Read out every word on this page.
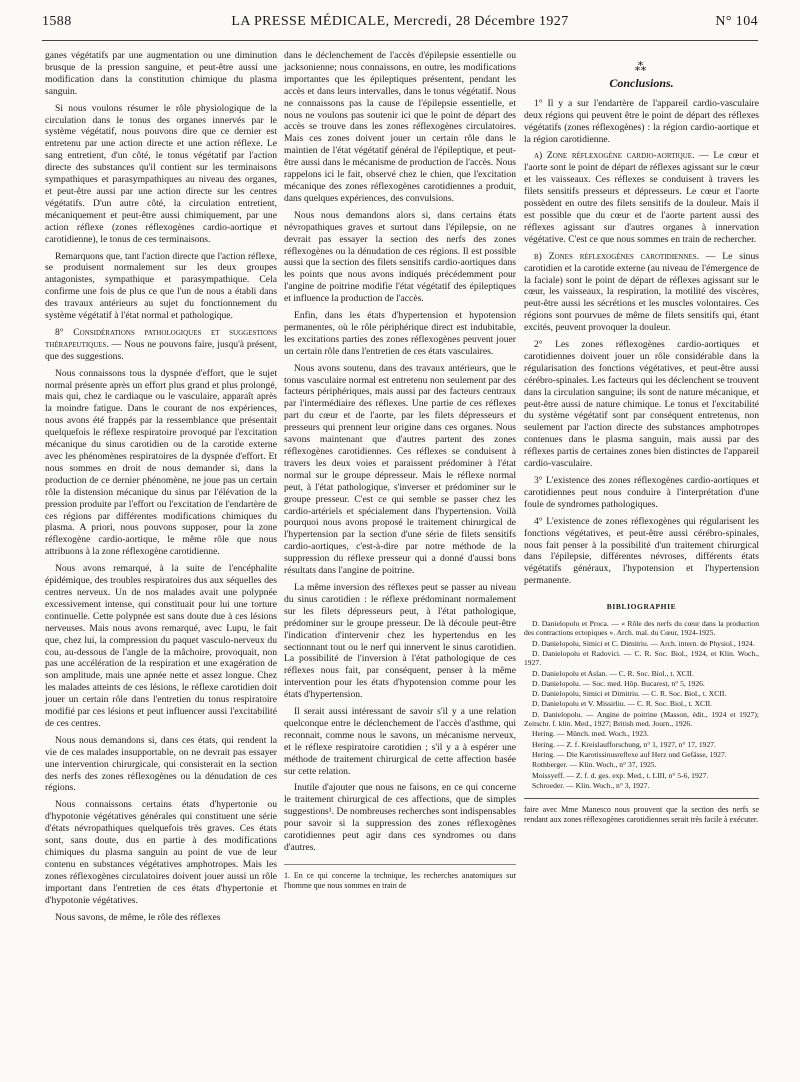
1588	LA PRESSE MÉDICALE, Mercredi, 28 Décembre 1927	N° 104

ganes végétatifs par une augmentation ou une diminution brusque de la pression sanguine, et peut-être aussi une modification dans la constitution chimique du plasma sanguin.

Si nous voulons résumer le rôle physiologique de la circulation dans le tonus des organes innervés par le système végétatif, nous pouvons dire que ce dernier est entretenu par une action directe et une action réflexe. Le sang entretient, d'un côté, le tonus végétatif par l'action directe des substances qu'il contient sur les terminaisons sympathiques et parasympathiques au niveau des organes, et peut-être aussi par une action directe sur les centres végétatifs. D'un autre côté, la circulation entretient, mécaniquement et peut-être aussi chimiquement, par une action réflexe (zones réflexogènes cardio-aortique et carotidienne), le tonus de ces terminaisons.

Remarquons que, tant l'action directe que l'action réflexe, se produisent normalement sur les deux groupes antagonistes, sympathique et parasympathique. Cela confirme une fois de plus ce que l'un de nous a établi dans des travaux antérieurs au sujet du fonctionnement du système végétatif à l'état normal et pathologique.

8° Considérations pathologiques et suggestions thérapeutiques. — Nous ne pouvons faire, jusqu'à présent, que des suggestions.

Nous connaissons tous la dyspnée d'effort, que le sujet normal présente après un effort plus grand et plus prolongé, mais qui, chez le cardiaque ou le vasculaire, apparaît après la moindre fatigue. Dans le courant de nos expériences, nous avons été frappés par la ressemblance que présentait quelquefois le réflexe respiratoire provoqué par l'excitation mécanique du sinus carotidien ou de la carotide externe avec les phénomènes respiratoires de la dyspnée d'effort. Et nous sommes en droit de nous demander si, dans la production de ce dernier phénomène, ne joue pas un certain rôle la distension mécanique du sinus par l'élévation de la pression produite par l'effort ou l'excitation de l'endartère de ces régions par différentes modifications chimiques du plasma. A priori, nous pouvons supposer, pour la zone réflexogène cardio-aortique, le même rôle que nous attribuons à la zone réflexogène carotidienne.

Nous avons remarqué, à la suite de l'encéphalite épidémique, des troubles respiratoires dus aux séquelles des centres nerveux. Un de nos malades avait une polypnée excessivement intense, qui constituait pour lui une torture continuelle. Cette polypnée est sans doute due à ces lésions nerveuses. Mais nous avons remarqué, avec Lupu, le fait que, chez lui, la compression du paquet vasculo-nerveux du cou, au-dessous de l'angle de la mâchoire, provoquait, non pas une accélération de la respiration et une exagération de son amplitude, mais une apnée nette et assez longue. Chez les malades atteints de ces lésions, le réflexe carotidien doit jouer un certain rôle dans l'entretien du tonus respiratoire modifié par ces lésions et peut influencer aussi l'excitabilité de ces centres.

Nous nous demandons si, dans ces états, qui rendent la vie de ces malades insupportable, on ne devrait pas essayer une intervention chirurgicale, qui consisterait en la section des nerfs des zones réflexogènes ou la dénudation de ces régions.

Nous connaissons certains états d'hypertonie ou d'hypotonie végétatives générales qui constituent une série d'états névropathiques quelquefois très graves. Ces états sont, sans doute, dus en partie à des modifications chimiques du plasma sanguin au point de vue de leur contenu en substances végétatives amphotropes. Mais les zones réflexogènes circulatoires doivent jouer aussi un rôle important dans l'entretien de ces états d'hypertonie et d'hypotonie végétatives.

Nous savons, de même, le rôle des réflexes

dans le déclenchement de l'accès d'épilepsie essentielle ou jacksonienne; nous connaissons, en outre, les modifications importantes que les épileptiques présentent, pendant les accès et dans leurs intervalles, dans le tonus végétatif. Nous ne connaissons pas la cause de l'épilepsie essentielle, et nous ne voulons pas soutenir ici que le point de départ des accès se trouve dans les zones réflexogènes circulatoires. Mais ces zones doivent jouer un certain rôle dans le maintien de l'état végétatif général de l'épileptique, et peut-être aussi dans le mécanisme de production de l'accès. Nous rappelons ici le fait, observé chez le chien, que l'excitation mécanique des zones réflexogènes carotidiennes a produit, dans quelques expériences, des convulsions.

Nous nous demandons alors si, dans certains états névropathiques graves et surtout dans l'épilepsie, on ne devrait pas essayer la section des nerfs des zones réflexogènes ou la dénudation de ces régions. Il est possible aussi que la section des filets sensitifs cardio-aortiques dans les points que nous avons indiqués précédemment pour l'angine de poitrine modifie l'état végétatif des épileptiques et influence la production de l'accès.

Enfin, dans les états d'hypertension et hypotension permanentes, où le rôle périphérique direct est indubitable, les excitations parties des zones réflexogènes peuvent jouer un certain rôle dans l'entretien de ces états vasculaires.

Nous avons soutenu, dans des travaux antérieurs, que le tonus vasculaire normal est entretenu non seulement par des facteurs périphériques, mais aussi par des facteurs centraux par l'intermédiaire des réflexes. Une partie de ces réflexes part du cœur et de l'aorte, par les filets dépresseurs et presseurs qui prennent leur origine dans ces organes. Nous savons maintenant que d'autres partent des zones réflexogènes carotidiennes. Ces réflexes se conduisent à travers les deux voies et paraissent prédominer à l'état normal sur le groupe dépresseur. Mais le réflexe normal peut, à l'état pathologique, s'inverser et prédominer sur le groupe presseur. C'est ce qui semble se passer chez les cardio-artériels et spécialement dans l'hypertension. Voilà pourquoi nous avons proposé le traitement chirurgical de l'hypertension par la section d'une série de filets sensitifs cardio-aortiques, c'est-à-dire par notre méthode de la suppression du réflexe presseur qui a donné d'aussi bons résultats dans l'angine de poitrine.

La même inversion des réflexes peut se passer au niveau du sinus carotidien : le réflexe prédominant normalement sur les filets dépresseurs peut, à l'état pathologique, prédominer sur le groupe presseur. De là découle peut-être l'indication d'intervenir chez les hypertendus en les sectionnant tout ou le nerf qui innervent le sinus carotidien. La possibilité de l'inversion à l'état pathologique de ces réflexes nous fait, par conséquent, penser à la même intervention pour les états d'hypotension comme pour les états d'hypertension.

Il serait aussi intéressant de savoir s'il y a une relation quelconque entre le déclenchement de l'accès d'asthme, qui reconnait, comme nous le savons, un mécanisme nerveux, et le réflexe respiratoire carotidien ; s'il y a à espérer une méthode de traitement chirurgical de cette affection basée sur cette relation.

Inutile d'ajouter que nous ne faisons, en ce qui concerne le traitement chirurgical de ces affections, que de simples suggestions¹. De nombreuses recherches sont indispensables pour savoir si la suppression des zones réflexogènes carotidiennes peut agir dans ces syndromes ou dans d'autres.

1. En ce qui concerne la technique, les recherches anatomiques sur l'homme que nous sommes en train de
⁂
Conclusions.

1° Il y a sur l'endartère de l'appareil cardio-vasculaire deux régions qui peuvent être le point de départ des réflexes végétatifs (zones réflexogènes) : la région cardio-aortique et la région carotidienne.

a) Zone réflexogène cardio-aortique. — Le cœur et l'aorte sont le point de départ de réflexes agissant sur le cœur et les vaisseaux. Ces réflexes se conduisent à travers les filets sensitifs presseurs et dépresseurs. Le cœur et l'aorte possèdent en outre des filets sensitifs de la douleur. Mais il est possible que du cœur et de l'aorte partent aussi des réflexes agissant sur d'autres organes à innervation végétative. C'est ce que nous sommes en train de rechercher.

b) Zones réflexogènes carotidiennes. — Le sinus carotidien et la carotide externe (au niveau de l'émergence de la faciale) sont le point de départ de réflexes agissant sur le cœur, les vaisseaux, la respiration, la motilité des viscères, peut-être aussi les sécrétions et les muscles volontaires. Ces régions sont pourvues de même de filets sensitifs qui, étant excités, peuvent provoquer la douleur.

2° Les zones réflexogènes cardio-aortiques et carotidiennes doivent jouer un rôle considérable dans la régularisation des fonctions végétatives, et peut-être aussi cérébro-spinales. Les facteurs qui les déclenchent se trouvent dans la circulation sanguine; ils sont de nature mécanique, et peut-être aussi de nature chimique. Le tonus et l'excitabilité du système végétatif sont par conséquent entretenus, non seulement par l'action directe des substances amphotropes contenues dans le plasma sanguin, mais aussi par des réflexes partis de certaines zones bien distinctes de l'appareil cardio-vasculaire.

3° L'existence des zones réflexogènes cardio-aortiques et carotidiennes peut nous conduire à l'interprétation d'une foule de syndromes pathologiques.

4° L'existence de zones réflexogènes qui régularisent les fonctions végétatives, et peut-être aussi cérébro-spinales, nous fait penser à la possibilité d'un traitement chirurgical dans l'épilepsie, différentes névroses, différents états végétatifs généraux, l'hypotension et l'hypertension permanente.

BIBLIOGRAPHIE

D. Danielopolu et Proca. — « Rôle des nerfs du cœur dans la production des contractions ectopiques ». Arch. mal. du Cœur, 1924-1925.

D. Danielopolu, Simici et C. Dimitriu. — Arch. intern. de Physiol., 1924.

D. Danielopolu et Radovici. — C. R. Soc. Biol., 1924, et Klin. Woch., 1927.

D. Danielopolu et Aslan. — C. R. Soc. Biol., t. XCII.

D. Danielopolu. — Soc. med. Hôp. Bucarest, n° 5, 1926.

D. Danielopolu, Simici et Dimitriu. — C. R. Soc. Biol., t. XCII.

D. Danielopolu et V. Missirliu. — C. R. Soc. Biol., t. XCII.

D. Danielopolu. — Angine de poitrine (Masson, édit., 1924 et 1927); Zeitschr. f. klin. Med., 1927; British med. Journ., 1926.

Hering. — Münch. med. Woch., 1923.

Hering. — Z. f. Kreislaufforschung, n° 1, 1927, n° 17, 1927.

Hering. — Die Karotissinusreflexe auf Herz und Gefässe, 1927.

Rothberger. — Klin. Woch., n° 37, 1925.

Moissyeff. — Z. f. d. ges. exp. Med., t. LIII, n° 5-6, 1927.

Schroeder. — Klin. Woch., n° 3, 1927.

faire avec Mme Manesco nous prouvent que la section des nerfs se rendant aux zones réflexogènes carotidiennes serait très facile à exécuter.
